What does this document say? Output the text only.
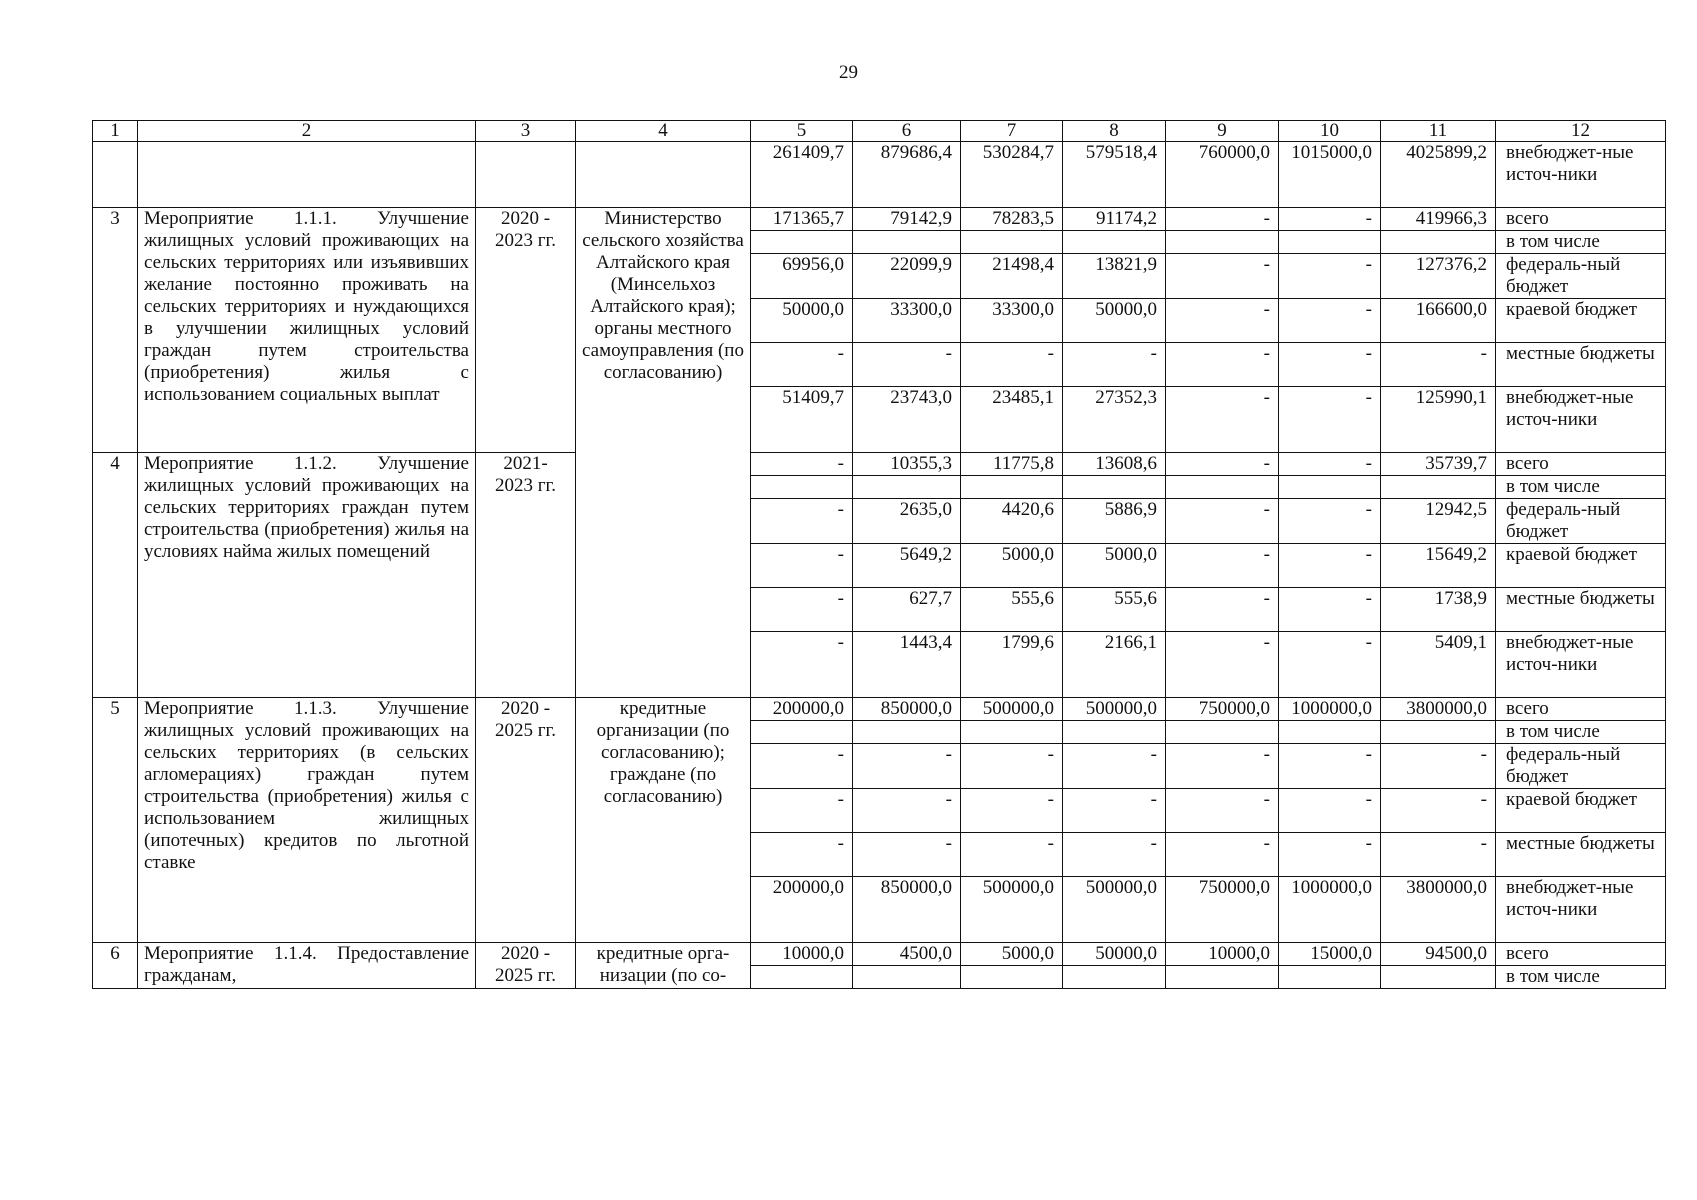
29
1	2	3	4	5	6	7	8	9	10	11	12
				261409,7	879686,4	530284,7	579518,4	760000,0	1015000,0	4025899,2	внебюджет-ные источ-ники
3	Мероприятие 1.1.1. Улучшение жилищных условий проживающих на сельских территориях или изъявивших желание постоянно проживать на сельских территориях и нуждающихся в улучшении жилищных условий граждан путем строительства (приобретения) жилья с использованием социальных выплат	2020 - 2023 гг.	Министерство сельского хозяйства Алтайского края (Минсельхоз Алтайского края); органы местного самоуправления (по согласованию)	171365,7	79142,9	78283,5	91174,2	-	-	419966,3	всего
											в том числе
				69956,0	22099,9	21498,4	13821,9	-	-	127376,2	федераль-ный бюджет
				50000,0	33300,0	33300,0	50000,0	-	-	166600,0	краевой бюджет
				-	-	-	-	-	-	-	местные бюджеты
				51409,7	23743,0	23485,1	27352,3	-	-	125990,1	внебюджет-ные источ-ники
4	Мероприятие 1.1.2. Улучшение жилищных условий проживающих на сельских территориях граждан путем строительства (приобретения) жилья на условиях найма жилых помещений	2021- 2023 гг.		-	10355,3	11775,8	13608,6	-	-	35739,7	всего
											в том числе
				-	2635,0	4420,6	5886,9	-	-	12942,5	федераль-ный бюджет
				-	5649,2	5000,0	5000,0	-	-	15649,2	краевой бюджет
				-	627,7	555,6	555,6	-	-	1738,9	местные бюджеты
				-	1443,4	1799,6	2166,1	-	-	5409,1	внебюджет-ные источ-ники
5	Мероприятие 1.1.3. Улучшение жилищных условий проживающих на сельских территориях (в сельских агломерациях) граждан путем строительства (приобретения) жилья с использованием жилищных (ипотечных) кредитов по льготной ставке	2020 - 2025 гг.	кредитные организации (по согласованию); граждане (по согласованию)	200000,0	850000,0	500000,0	500000,0	750000,0	1000000,0	3800000,0	всего
											в том числе
				-	-	-	-	-	-	-	федераль-ный бюджет
				-	-	-	-	-	-	-	краевой бюджет
				-	-	-	-	-	-	-	местные бюджеты
				200000,0	850000,0	500000,0	500000,0	750000,0	1000000,0	3800000,0	внебюджет-ные источ-ники
6	Мероприятие 1.1.4. Предоставление гражданам,	2020 - 2025 гг.	кредитные орга-низации (по со-	10000,0	4500,0	5000,0	50000,0	10000,0	15000,0	94500,0	всего
											в том числе
